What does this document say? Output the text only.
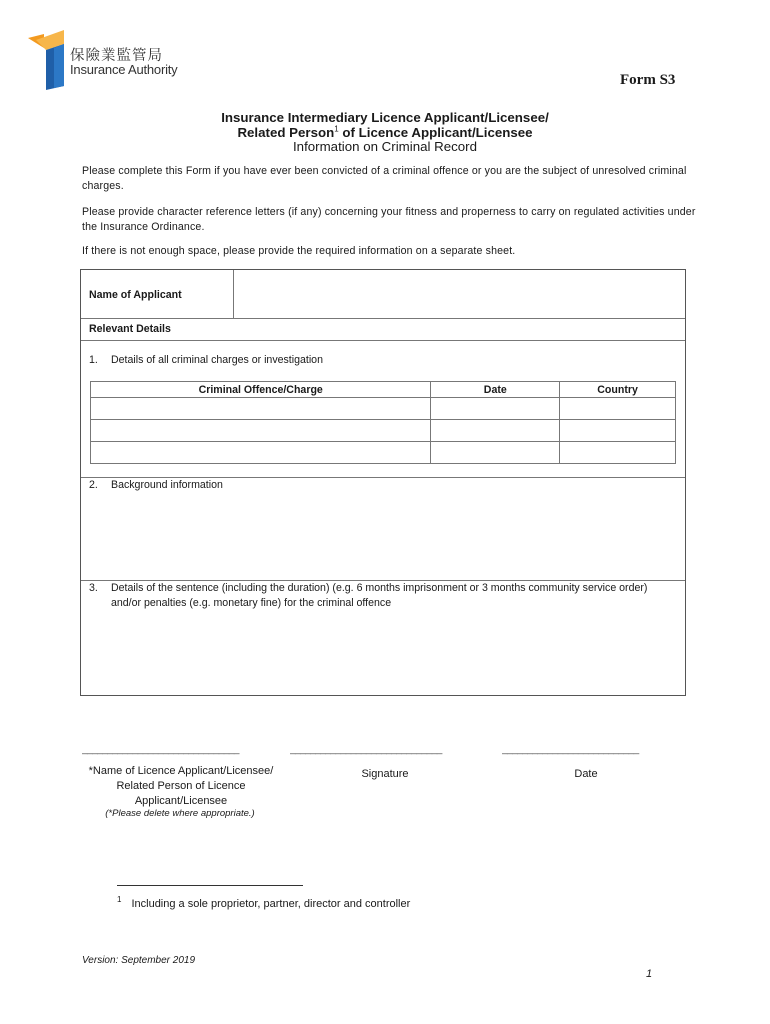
保險業監管局
Insurance Authority
Form S3
Insurance Intermediary Licence Applicant/Licensee/
Related Person$^1$ of Licence Applicant/Licensee
Information on Criminal Record
Please complete this Form if you have ever been convicted of a criminal offence or you are the subject of unresolved criminal charges.
Please provide character reference letters (if any) concerning your fitness and properness to carry on regulated activities under the Insurance Ordinance.
If there is not enough space, please provide the required information on a separate sheet.
Name of Applicant
Relevant Details
1. Details of all criminal charges or investigation
Criminal Offence/Charge	Date	Country

2. Background information
3. Details of the sentence (including the duration) (e.g. 6 months imprisonment or 3 months community service order) and/or penalties (e.g. monetary fine) for the criminal offence
_______________________________	______________________________	___________________________
*Name of Licence Applicant/Licensee/
Related Person of Licence
Applicant/Licensee
Signature	Date
(*Please delete where appropriate.)
$^1$ Including a sole proprietor, partner, director and controller
Version: September 2019
1
